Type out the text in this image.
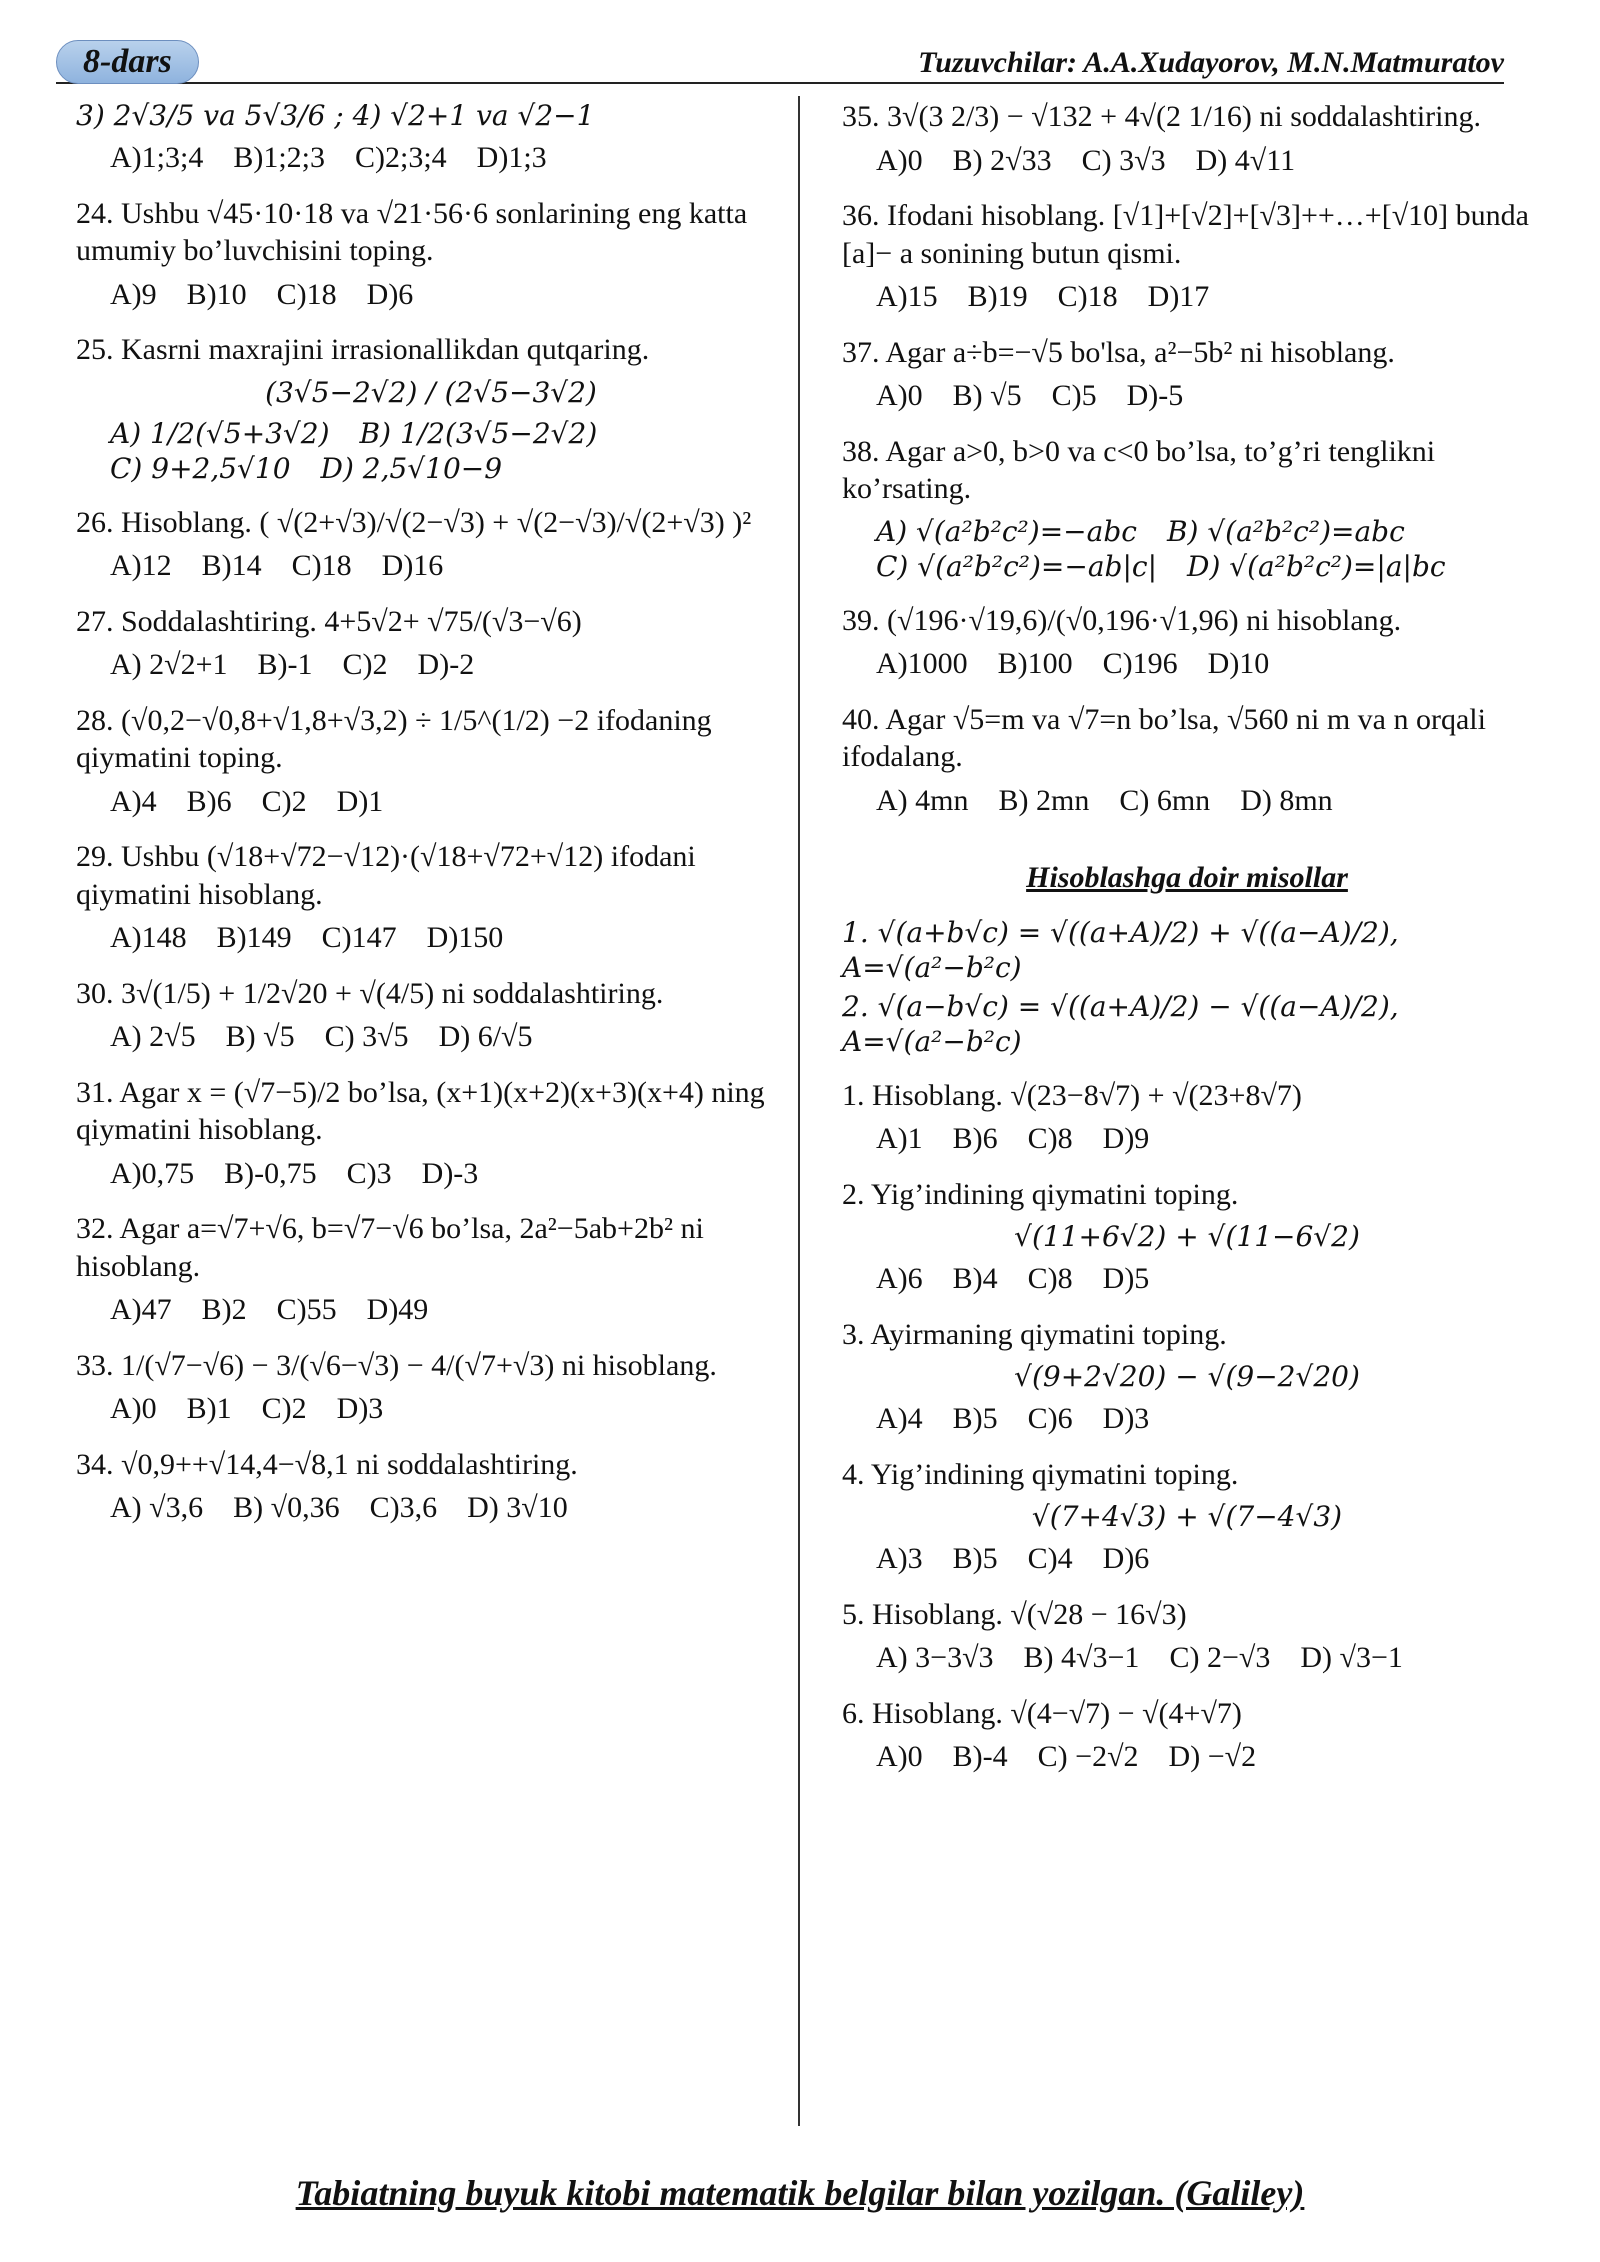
8-dars	Tuzuvchilar: A.A.Xudayorov, M.N.Matmuratov
3) 2√3/5 va 5√3/6 ; 4) √2+1 va √2−1
A)1;3;4 B)1;2;3 C)2;3;4 D)1;3
24. Ushbu √45·10·18 va √21·56·6 sonlarining eng katta umumiy bo’luvchisini toping.
A)9 B)10 C)18 D)6
25. Kasrni maxrajini irrasionallikdan qutqaring.
(3√5−2√2) / (2√5−3√2)
A) 1/2(√5+3√2) B) 1/2(3√5−2√2)
C) 9+2,5√10 D) 2,5√10−9
26. Hisoblang. ( √(2+√3)/√(2−√3) + √(2−√3)/√(2+√3) )²
A)12 B)14 C)18 D)16
27. Soddalashtiring. 4+5√2+ √75/(√3−√6)
A) 2√2+1 B)-1 C)2 D)-2
28. (√0,2−√0,8+√1,8+√3,2) ÷ 1/5^(1/2) −2 ifodaning qiymatini toping.
A)4 B)6 C)2 D)1
29. Ushbu (√18+√72−√12)·(√18+√72+√12) ifodani qiymatini hisoblang.
A)148 B)149 C)147 D)150
30. 3√(1/5) + 1/2√20 + √(4/5) ni soddalashtiring.
A) 2√5 B) √5 C) 3√5 D) 6/√5
31. Agar x = (√7−5)/2 bo’lsa, (x+1)(x+2)(x+3)(x+4) ning qiymatini hisoblang.
A)0,75 B)-0,75 C)3 D)-3
32. Agar a=√7+√6, b=√7−√6 bo’lsa, 2a²−5ab+2b² ni hisoblang.
A)47 B)2 C)55 D)49
33. 1/(√7−√6) − 3/(√6−√3) − 4/(√7+√3) ni hisoblang.
A)0 B)1 C)2 D)3
34. √0,9++√14,4−√8,1 ni soddalashtiring.
A) √3,6 B) √0,36 C)3,6 D) 3√10
35. 3√(3 2/3) − √132 + 4√(2 1/16) ni soddalashtiring.
A)0 B) 2√33 C) 3√3 D) 4√11
36. Ifodani hisoblang. [√1]+[√2]+[√3]++…+[√10] bunda [a]− a sonining butun qismi.
A)15 B)19 C)18 D)17
37. Agar a÷b=−√5 bo'lsa, a²−5b² ni hisoblang.
A)0 B) √5 C)5 D)-5
38. Agar a>0, b>0 va c<0 bo’lsa, to’g’ri tenglikni ko’rsating.
A) √(a²b²c²)=−abc B) √(a²b²c²)=abc
C) √(a²b²c²)=−ab|c| D) √(a²b²c²)=|a|bc
39. (√196·√19,6)/(√0,196·√1,96) ni hisoblang.
A)1000 B)100 C)196 D)10
40. Agar √5=m va √7=n bo’lsa, √560 ni m va n orqali ifodalang.
A) 4mn B) 2mn C) 6mn D) 8mn
Hisoblashga doir misollar
1. √(a+b√c) = √((a+A)/2) + √((a−A)/2), A=√(a²−b²c)
2. √(a−b√c) = √((a+A)/2) − √((a−A)/2), A=√(a²−b²c)
1. Hisoblang. √(23−8√7) + √(23+8√7)
A)1 B)6 C)8 D)9
2. Yig’indining qiymatini toping.
√(11+6√2) + √(11−6√2)
A)6 B)4 C)8 D)5
3. Ayirmaning qiymatini toping.
√(9+2√20) − √(9−2√20)
A)4 B)5 C)6 D)3
4. Yig’indining qiymatini toping.
√(7+4√3) + √(7−4√3)
A)3 B)5 C)4 D)6
5. Hisoblang. √(√28 − 16√3)
A) 3−3√3 B) 4√3−1 C) 2−√3 D) √3−1
6. Hisoblang. √(4−√7) − √(4+√7)
A)0 B)-4 C) −2√2 D) −√2
Tabiatning buyuk kitobi matematik belgilar bilan yozilgan. (Galiley)
